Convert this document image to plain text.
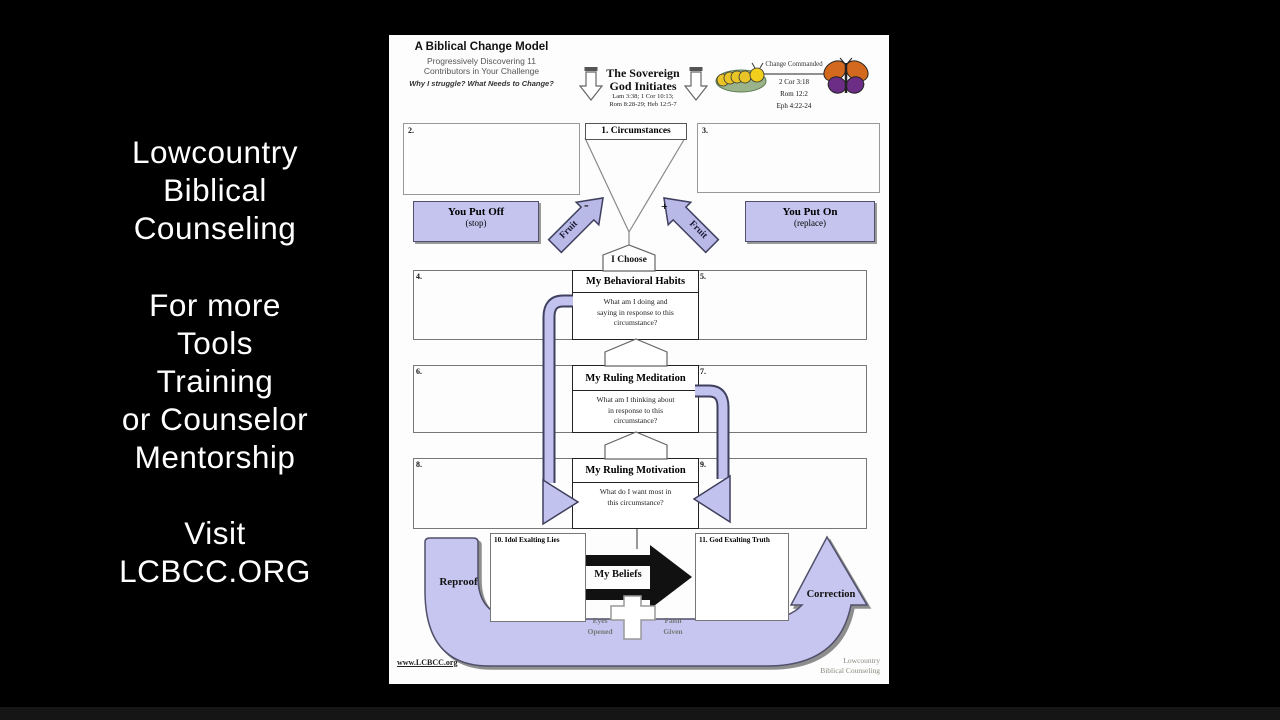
Lowcountry
Biblical
Counseling
For more
Tools
Training
or Counselor
Mentorship
Visit
LCBCC.ORG
A Biblical Change Model
Progressively Discovering 11
Contributors in Your Challenge
Why I struggle? What Needs to Change?
The Sovereign
God Initiates
Lam 3:38; 1 Cor 10:13;
Rom 8:28-29; Heb 12:5-7
Change Commanded
2 Cor 3:18
Rom 12:2
Eph 4:22-24
2.	3.
1. Circumstances
You Put Off
(stop)
You Put On
(replace)
My Behavioral Habits
What am I doing and
saying in response to this
circumstance?
4.	5.
My Ruling Meditation
What am I thinking about
in response to this
circumstance?
6.	7.
My Ruling Motivation
What do I want most in
this circumstance?
8.	9.
10. Idol Exalting Lies	11. God Exalting Truth
Fruit
-
Fruit
+
I Choose
Reproof
My Beliefs
Correction
Eyes
Opened
Faith
Given
www.LCBCC.org	Lowcountry
Biblical Counseling
